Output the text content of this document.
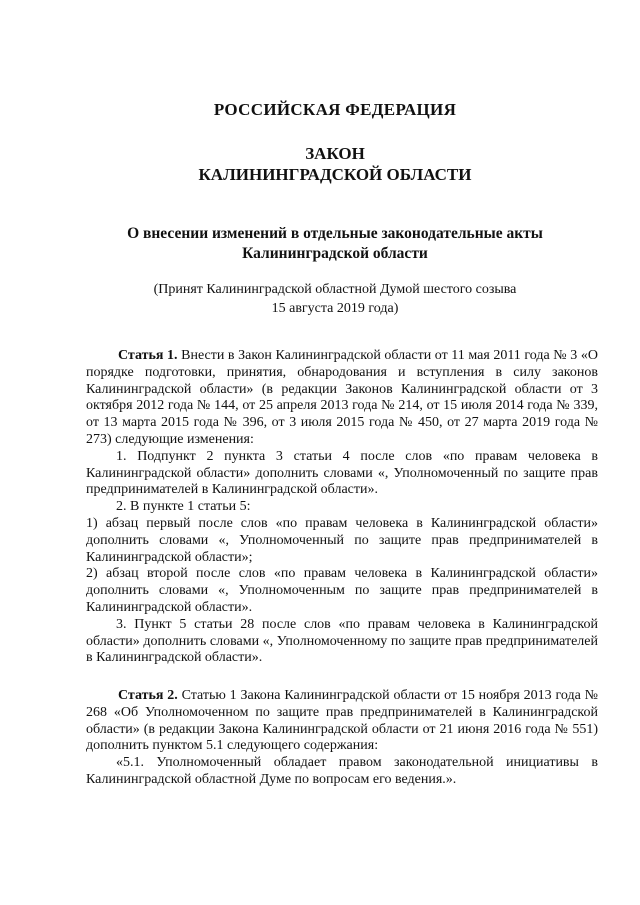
РОССИЙСКАЯ ФЕДЕРАЦИЯ
ЗАКОН
КАЛИНИНГРАДСКОЙ ОБЛАСТИ
О внесении изменений в отдельные законодательные акты
Калининградской области
(Принят Калининградской областной Думой шестого созыва
15 августа 2019 года)

Статья 1. Внести в Закон Калининградской области от 11 мая 2011 года № 3 «О порядке подготовки, принятия, обнародования и вступления в силу законов Калининградской области» (в редакции Законов Калининградской области от 3 октября 2012 года № 144, от 25 апреля 2013 года № 214, от 15 июля 2014 года № 339, от 13 марта 2015 года № 396, от 3 июля 2015 года № 450, от 27 марта 2019 года № 273) следующие изменения:

1. Подпункт 2 пункта 3 статьи 4 после слов «по правам человека в Калининградской области» дополнить словами «, Уполномоченный по защите прав предпринимателей в Калининградской области».

2. В пункте 1 статьи 5:

1) абзац первый после слов «по правам человека в Калининградской области» дополнить словами «, Уполномоченный по защите прав предпринимателей в Калининградской области»;

2) абзац второй после слов «по правам человека в Калининградской области» дополнить словами «, Уполномоченным по защите прав предпринимателей в Калининградской области».

3. Пункт 5 статьи 28 после слов «по правам человека в Калининградской области» дополнить словами «, Уполномоченному по защите прав предпринимателей в Калининградской области».

Статья 2. Статью 1 Закона Калининградской области от 15 ноября 2013 года № 268 «Об Уполномоченном по защите прав предпринимателей в Калининградской области» (в редакции Закона Калининградской области от 21 июня 2016 года № 551) дополнить пунктом 5.1 следующего содержания:

«5.1. Уполномоченный обладает правом законодательной инициативы в Калининградской областной Думе по вопросам его ведения.».
